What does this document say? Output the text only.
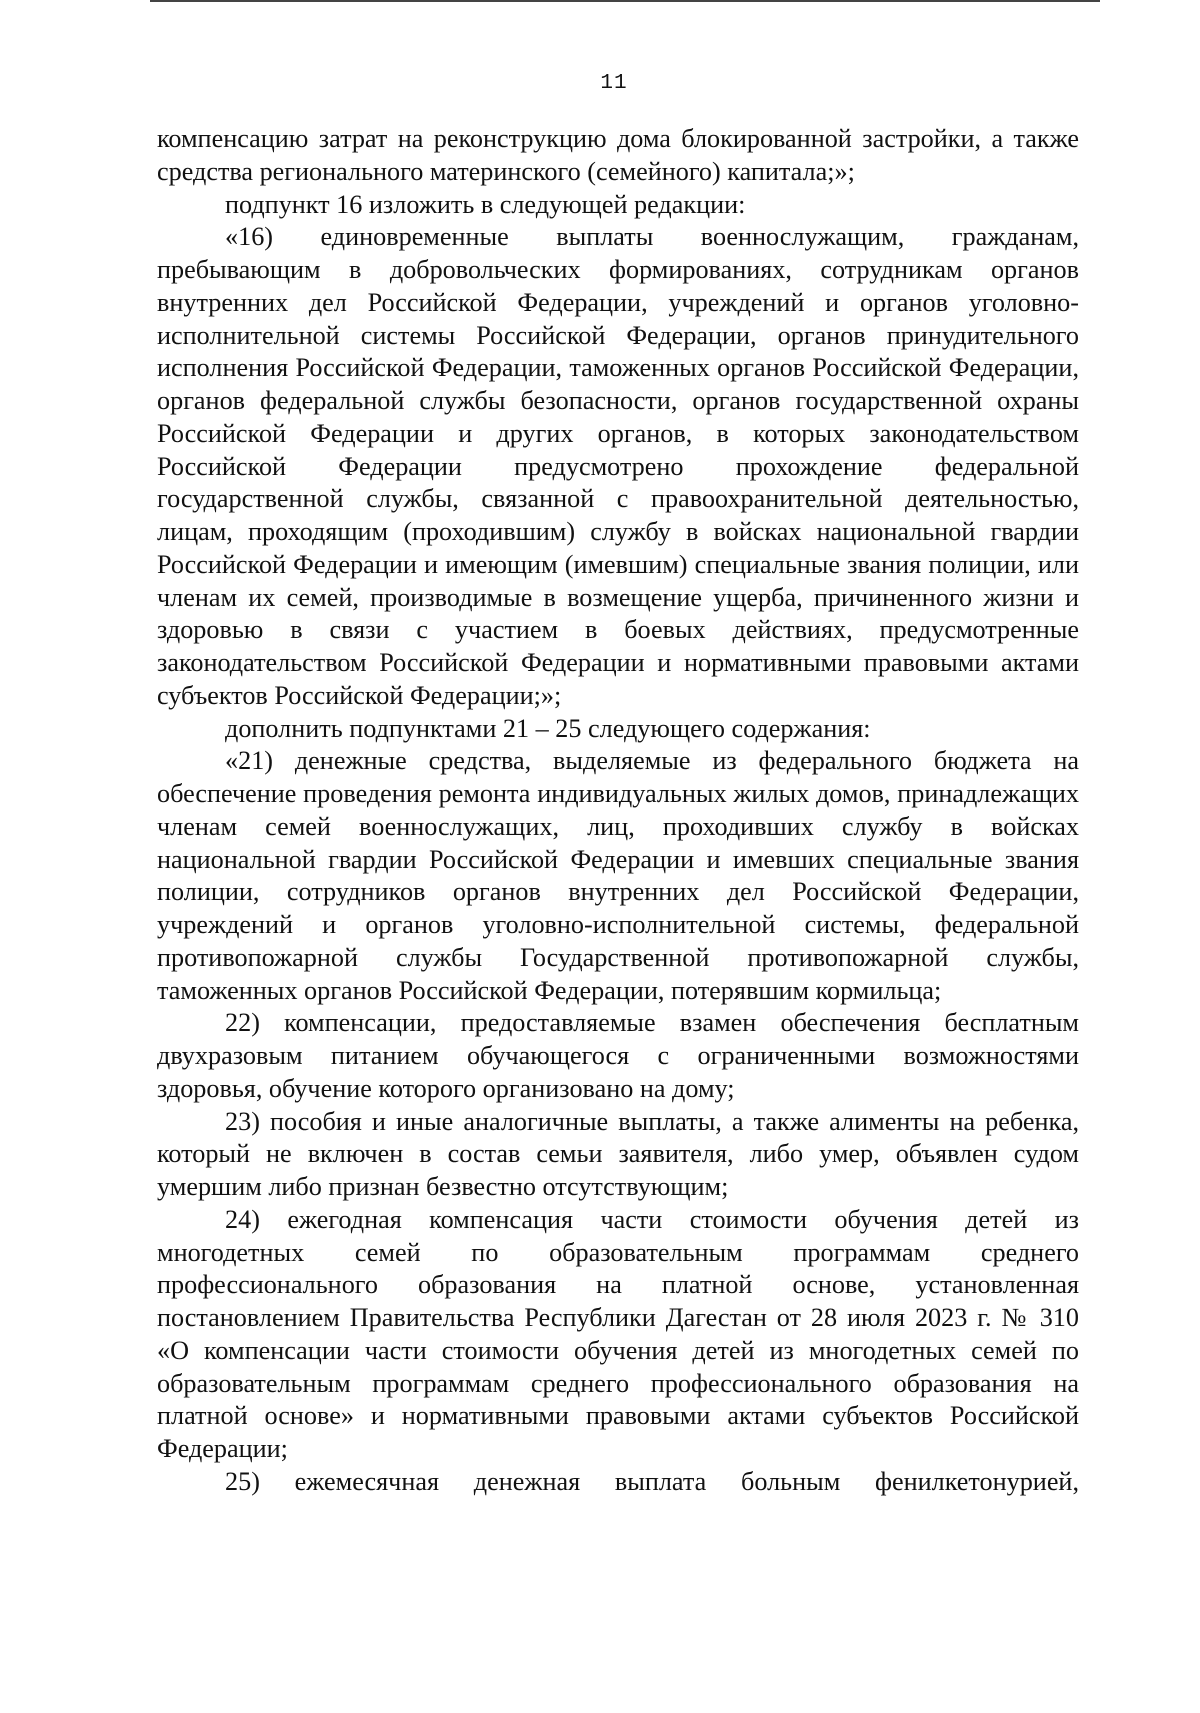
11

компенсацию затрат на реконструкцию дома блокированной застройки, а также средства регионального материнского (семейного) капитала;»;

подпункт 16 изложить в следующей редакции:

«16) единовременные выплаты военнослужащим, гражданам, пребывающим в добровольческих формированиях, сотрудникам органов внутренних дел Российской Федерации, учреждений и органов уголовно-исполнительной системы Российской Федерации, органов принудительного исполнения Российской Федерации, таможенных органов Российской Федерации, органов федеральной службы безопасности, органов государственной охраны Российской Федерации и других органов, в которых законодательством Российской Федерации предусмотрено прохождение федеральной государственной службы, связанной с правоохранительной деятельностью, лицам, проходящим (проходившим) службу в войсках национальной гвардии Российской Федерации и имеющим (имевшим) специальные звания полиции, или членам их семей, производимые в возмещение ущерба, причиненного жизни и здоровью в связи с участием в боевых действиях, предусмотренные законодательством Российской Федерации и нормативными правовыми актами субъектов Российской Федерации;»;

дополнить подпунктами 21 – 25 следующего содержания:

«21) денежные средства, выделяемые из федерального бюджета на обеспечение проведения ремонта индивидуальных жилых домов, принадлежащих членам семей военнослужащих, лиц, проходивших службу в войсках национальной гвардии Российской Федерации и имевших специальные звания полиции, сотрудников органов внутренних дел Российской Федерации, учреждений и органов уголовно-исполнительной системы, федеральной противопожарной службы Государственной противопожарной службы, таможенных органов Российской Федерации, потерявшим кормильца;

22) компенсации, предоставляемые взамен обеспечения бесплатным двухразовым питанием обучающегося с ограниченными возможностями здоровья, обучение которого организовано на дому;

23) пособия и иные аналогичные выплаты, а также алименты на ребенка, который не включен в состав семьи заявителя, либо умер, объявлен судом умершим либо признан безвестно отсутствующим;

24) ежегодная компенсация части стоимости обучения детей из многодетных семей по образовательным программам среднего профессионального образования на платной основе, установленная постановлением Правительства Республики Дагестан от 28 июля 2023 г. № 310 «О компенсации части стоимости обучения детей из многодетных семей по образовательным программам среднего профессионального образования на платной основе» и нормативными правовыми актами субъектов Российской Федерации;

25) ежемесячная денежная выплата больным фенилкетонурией,
